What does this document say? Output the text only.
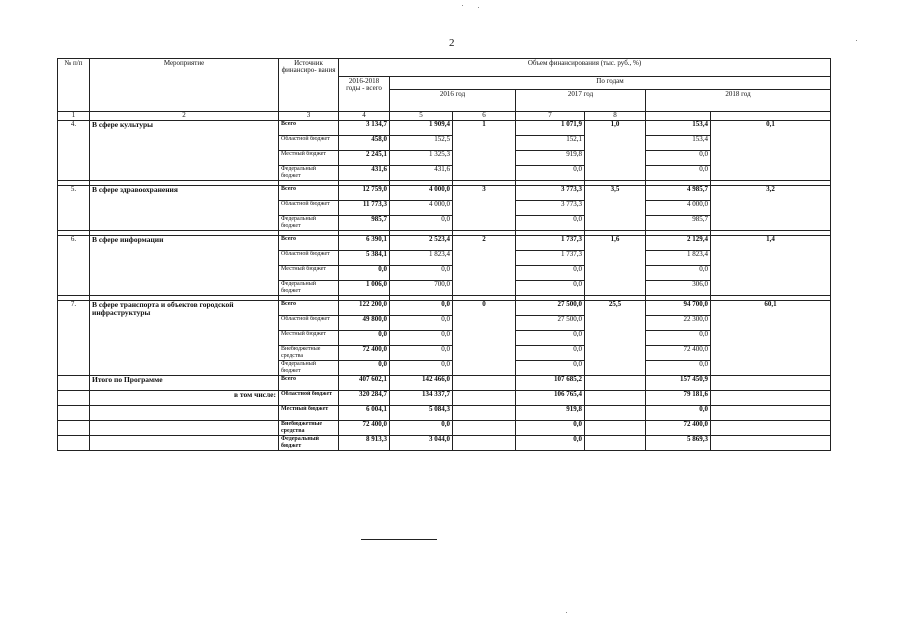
2
№ п/п	Мероприятие	Источник финансиро- вания	Объем финансирования (тыс. руб., %)						
			2016-2018 годы - всего	По годам					
				2016 год		2017 год		2018 год	
1	2	3	4	5	6	7	8		
4.	В сфере культуры	Всего	3 134,7	1 909,4	1	1 071,9	1,0	153,4	0,1
		Областной бюджет	458,0	152,5		152,1		153,4	
		Местный бюджет	2 245,1	1 325,3		919,8		0,0	
		Федеральный бюджет	431,6	431,6		0,0		0,0	

5.	В сфере здравоохранения	Всего	12 759,0	4 000,0	3	3 773,3	3,5	4 985,7	3,2
		Областной бюджет	11 773,3	4 000,0		3 773,3		4 000,0	
		Федеральный бюджет	985,7	0,0		0,0		985,7	

6.	В сфере информации	Всего	6 390,1	2 523,4	2	1 737,3	1,6	2 129,4	1,4
		Областной бюджет	5 384,1	1 823,4		1 737,3		1 823,4	
		Местный бюджет	0,0	0,0		0,0		0,0	
		Федеральный бюджет	1 006,0	700,0		0,0		306,0	

7.	В сфере транспорта и объектов городской инфраструктуры	Всего	122 200,0	0,0	0	27 500,0	25,5	94 700,0	60,1
		Областной бюджет	49 800,0	0,0		27 500,0		22 300,0	
		Местный бюджет	0,0	0,0		0,0		0,0	
		Внебюджетные средства	72 400,0	0,0		0,0		72 400,0	
		Федеральный бюджет	0,0	0,0		0,0		0,0	
	Итого по Программе	Всего	407 602,1	142 466,0		107 685,2		157 450,9	
	в том числе:	Областной бюджет	320 284,7	134 337,7		106 765,4		79 181,6	
		Местный бюджет	6 004,1	5 084,3		919,8		0,0	
		Внебюджетные средства	72 400,0	0,0		0,0		72 400,0	
		Федеральный бюджет	8 913,3	3 044,0		0,0		5 869,3	
